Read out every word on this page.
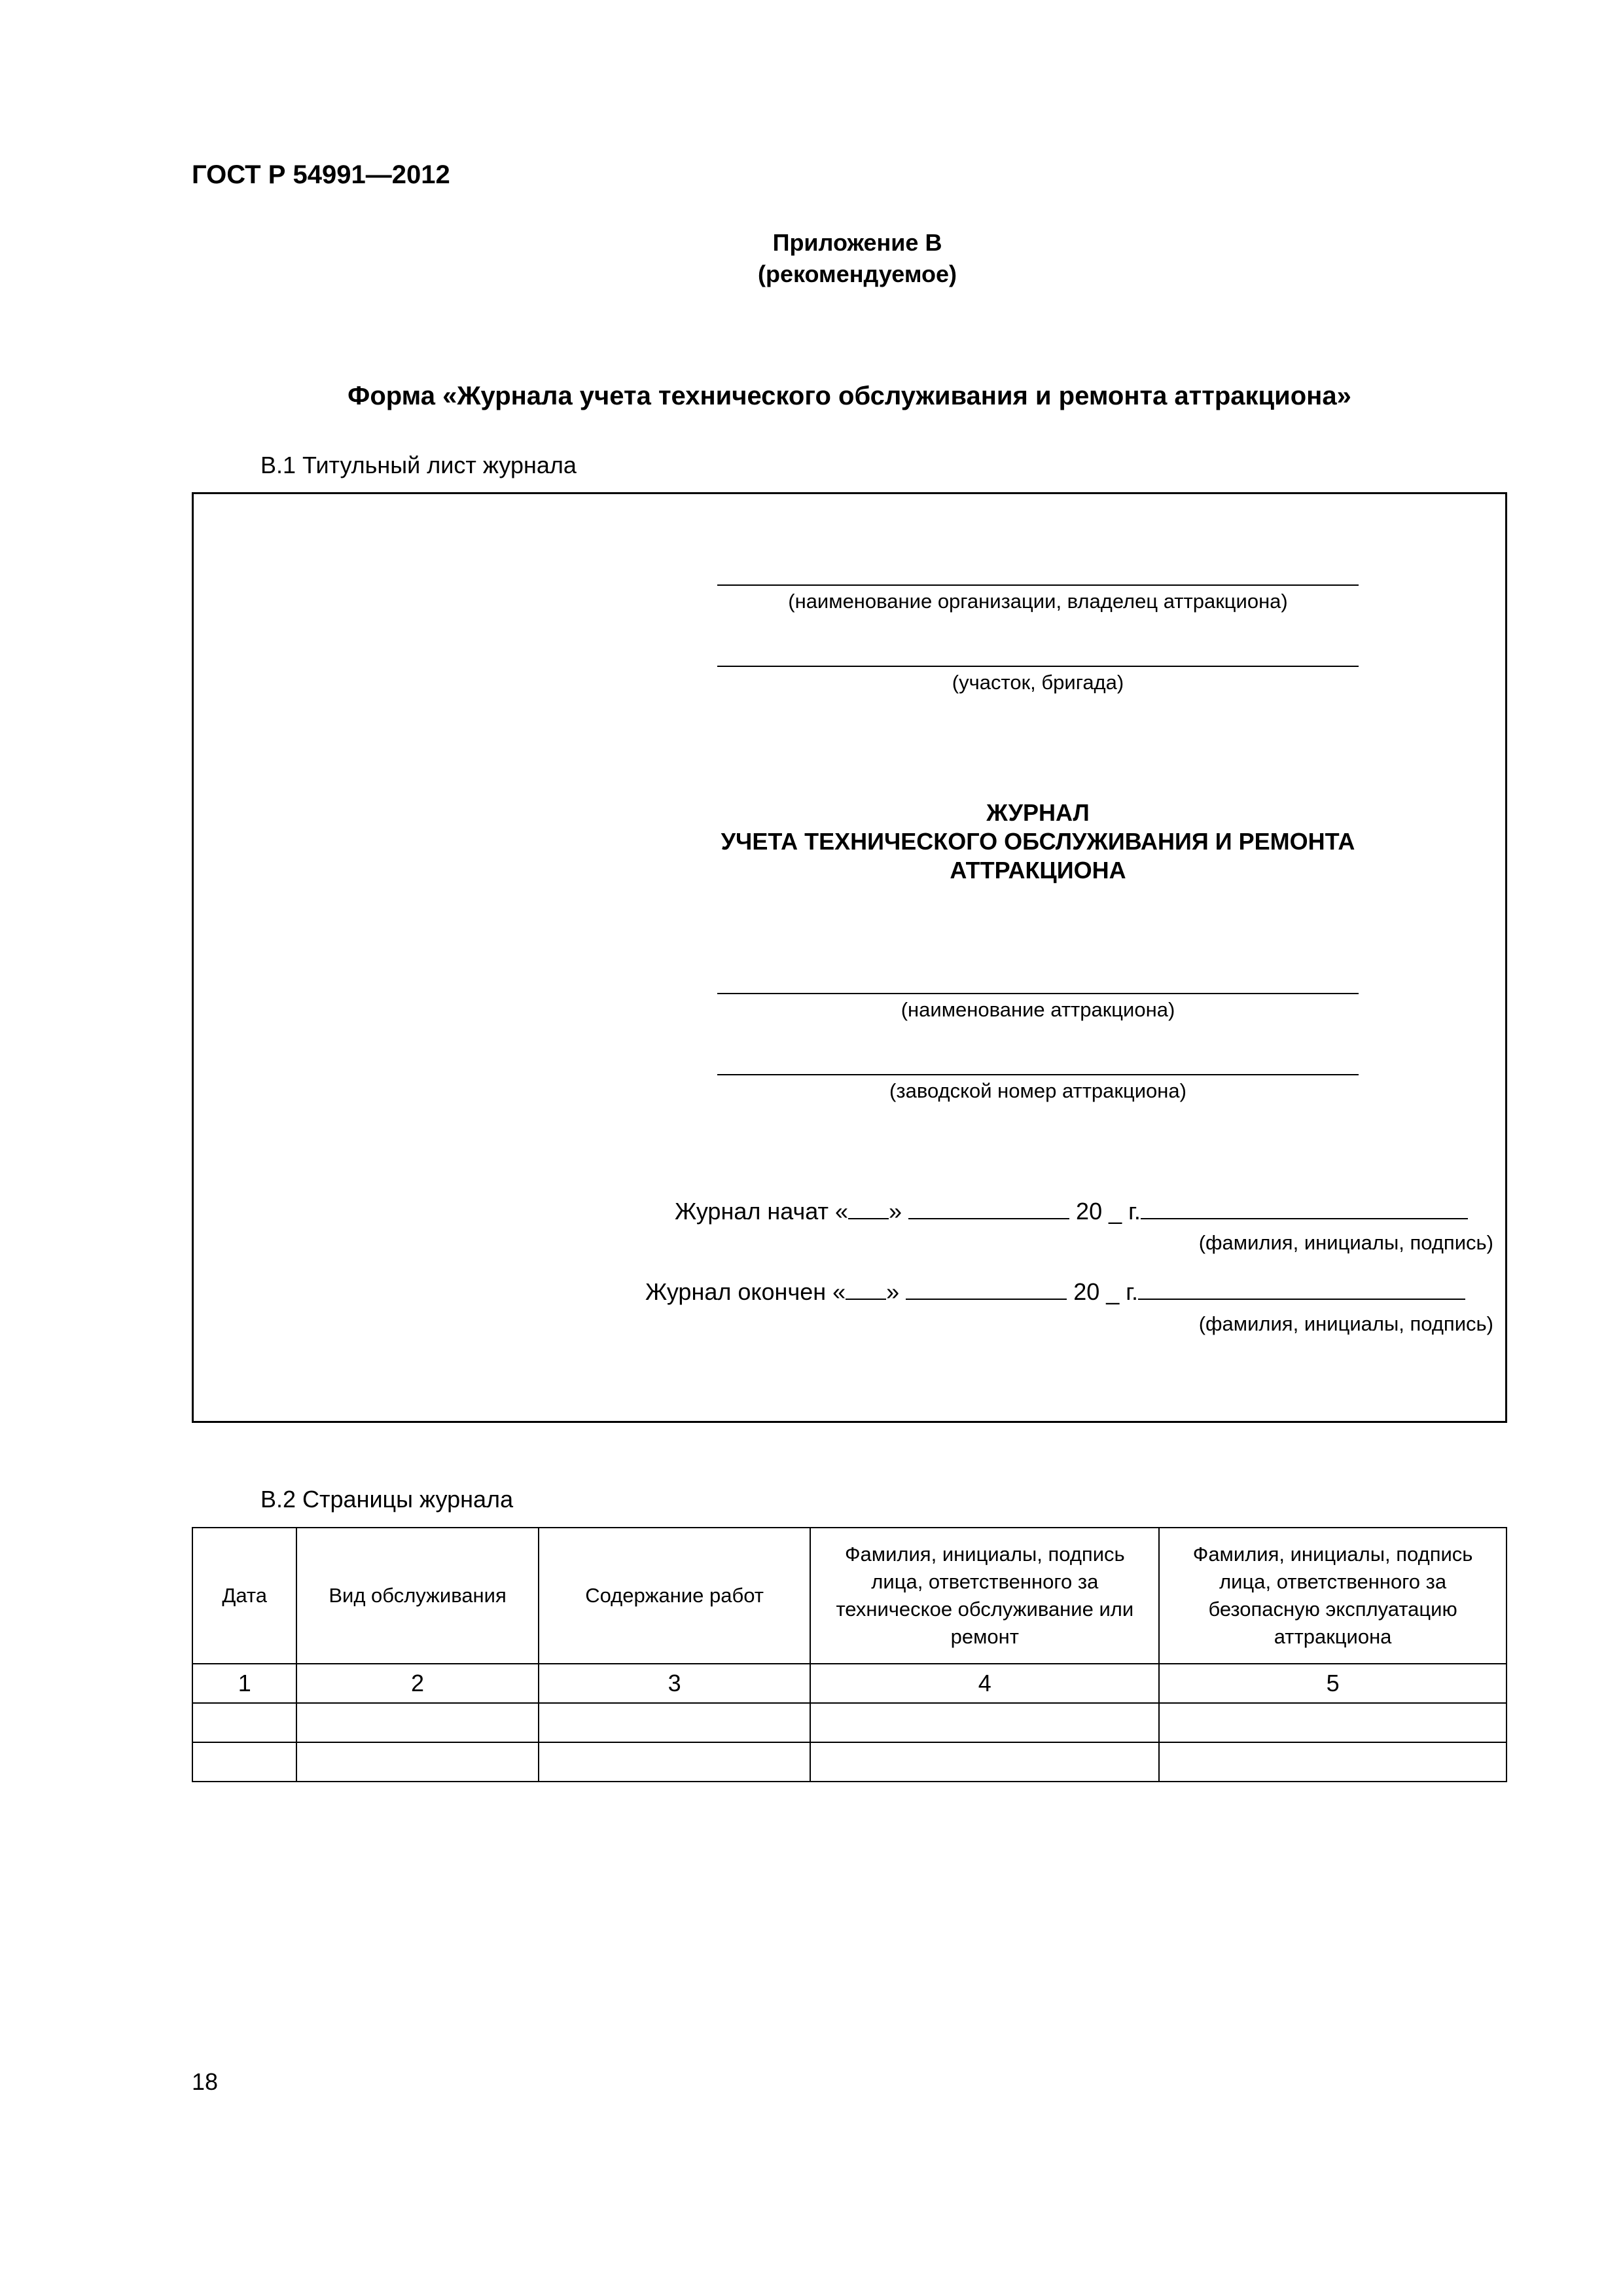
ГОСТ Р 54991—2012
Приложение В
(рекомендуемое)
Форма «Журнала учета технического обслуживания и ремонта аттракциона»
В.1 Титульный лист журнала
(наименование организации, владелец аттракциона)
(участок, бригада)
ЖУРНАЛ
УЧЕТА ТЕХНИЧЕСКОГО ОБСЛУЖИВАНИЯ И РЕМОНТА
АТТРАКЦИОНА
(наименование аттракциона)
(заводской номер аттракциона)
Журнал начат « »	20 _ г.
(фамилия, инициалы, подпись)
Журнал окончен « »	20 _ г.
(фамилия, инициалы, подпись)
В.2 Страницы журнала
Дата	Вид обслуживания	Содержание работ	Фамилия, инициалы, подпись лица, ответственного за техническое обслуживание или ремонт	Фамилия, инициалы, подпись лица, ответственного за безопасную эксплуатацию аттракциона
1	2	3	4	5

18
